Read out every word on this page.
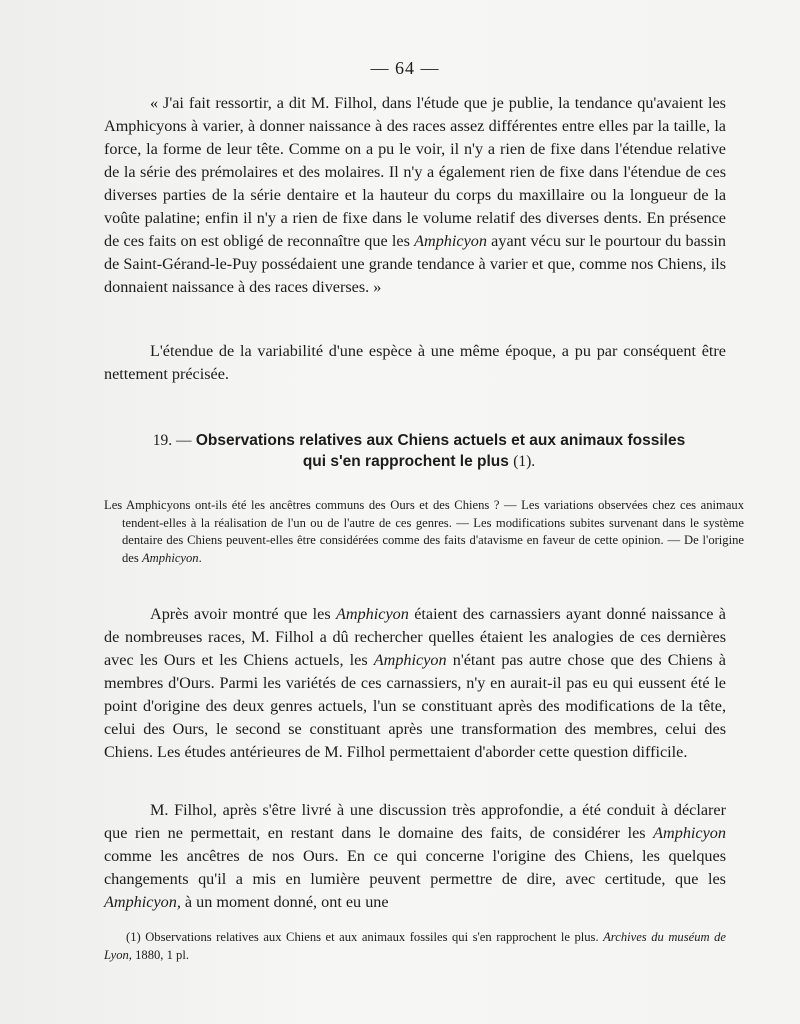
— 64 —

« J'ai fait ressortir, a dit M. Filhol, dans l'étude que je publie, la tendance qu'avaient les Amphicyons à varier, à donner naissance à des races assez différentes entre elles par la taille, la force, la forme de leur tête. Comme on a pu le voir, il n'y a rien de fixe dans l'étendue relative de la série des prémolaires et des molaires. Il n'y a également rien de fixe dans l'étendue de ces diverses parties de la série dentaire et la hauteur du corps du maxillaire ou la longueur de la voûte palatine; enfin il n'y a rien de fixe dans le volume relatif des diverses dents. En présence de ces faits on est obligé de reconnaître que les Amphicyon ayant vécu sur le pourtour du bassin de Saint-Gérand-le-Puy possédaient une grande tendance à varier et que, comme nos Chiens, ils donnaient naissance à des races diverses. »

L'étendue de la variabilité d'une espèce à une même époque, a pu par conséquent être nettement précisée.

19. — Observations relatives aux Chiens actuels et aux animaux fossiles
qui s'en rapprochent le plus (1).

Les Amphicyons ont-ils été les ancêtres communs des Ours et des Chiens ? — Les variations observées chez ces animaux tendent-elles à la réalisation de l'un ou de l'autre de ces genres. — Les modifications subites survenant dans le système dentaire des Chiens peuvent-elles être considérées comme des faits d'atavisme en faveur de cette opinion. — De l'origine des Amphicyon.

Après avoir montré que les Amphicyon étaient des carnassiers ayant donné naissance à de nombreuses races, M. Filhol a dû rechercher quelles étaient les analogies de ces dernières avec les Ours et les Chiens actuels, les Amphicyon n'étant pas autre chose que des Chiens à membres d'Ours. Parmi les variétés de ces carnassiers, n'y en aurait-il pas eu qui eussent été le point d'origine des deux genres actuels, l'un se constituant après des modifications de la tête, celui des Ours, le second se constituant après une transformation des membres, celui des Chiens. Les études antérieures de M. Filhol permettaient d'aborder cette question difficile.

M. Filhol, après s'être livré à une discussion très approfondie, a été conduit à déclarer que rien ne permettait, en restant dans le domaine des faits, de considérer les Amphicyon comme les ancêtres de nos Ours. En ce qui concerne l'origine des Chiens, les quelques changements qu'il a mis en lumière peuvent permettre de dire, avec certitude, que les Amphicyon, à un moment donné, ont eu une

(1) Observations relatives aux Chiens et aux animaux fossiles qui s'en rapprochent le plus. Archives du muséum de Lyon, 1880, 1 pl.
